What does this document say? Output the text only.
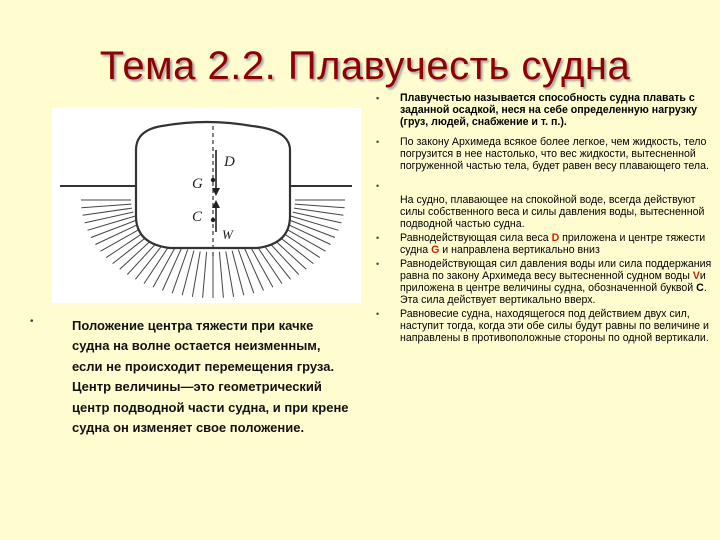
Тема 2.2. Плавучесть судна
D
G
C
W
•	Положение центра тяжести при качке судна на волне остается неизменным, если не происходит перемещения груза. Центр величины—это геометрический центр подводной части судна, и при крене судна он изменяет свое положение.

• Плавучестью называется способность судна плавать с заданной осадкой, неся на себе определенную нагрузку (груз, людей, снабжение и т. п.).
• По закону Архимеда всякое более легкое, чем жидкость, тело погрузится в нее настолько, что вес жидкости, вытесненной погруженной частью тела, будет равен весу плавающего тела.
•
На судно, плавающее на спокойной воде, всегда действуют силы собственного веса и силы давления воды, вытесненной подводной частью судна.
• Равнодействующая сила веса D приложена и центре тяжести судна G и направлена вертикально вниз
• Равнодействующая сил давления воды или сила поддержания равна по закону Архимеда весу вытесненной судном воды Vи приложена в центре величины судна, обозначенной буквой С. Эта сила действует вертикально вверх.
• Равновесие судна, находящегося под действием двух сил, наступит тогда, когда эти обе силы будут равны по величине и направлены в противоположные стороны по одной вертикали.
